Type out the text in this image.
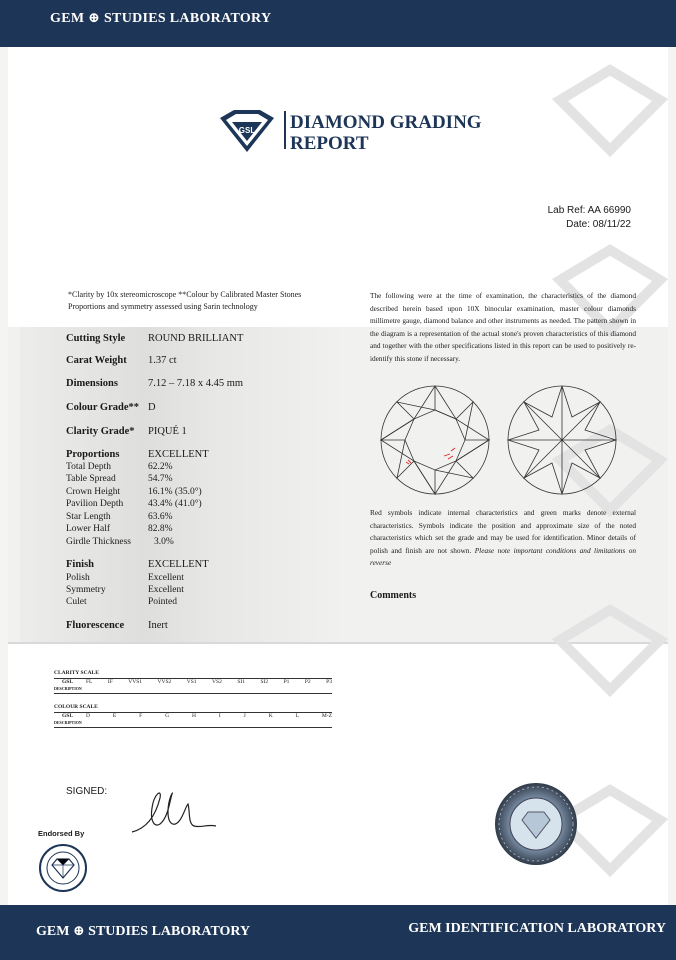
GEM ⊕ STUDIES LABORATORY
GSL DIAMOND GRADING
REPORT
Lab Ref: AA 66990
Date: 08/11/22
*Clarity by 10x stereomicroscope **Colour by Calibrated Master Stones
Proportions and symmetry assessed using Sarin technology
The following were at the time of examination, the characteristics of the diamond described herein based upon 10X binocular examination, master colour diamonds millimetre gauge, diamond balance and other instruments as needed. The pattern shown in the diagram is a representation of the actual stone's proven characteristics of this diamond and together with the other specifications listed in this report can be used to positively re-identify this stone if necessary.
Cutting Style ROUND BRILLIANT
Carat Weight 1.37 ct
Dimensions	7.12 – 7.18 x 4.45 mm
Colour Grade** D
Clarity Grade* PIQUÉ 1
Proportions	EXCELLENT
Total Depth	62.2%
Table Spread	54.7%
Crown Height	16.1% (35.0°)
Pavilion Depth	43.4% (41.0°)
Star Length	63.6%
Lower Half	82.8%
Girdle Thickness 3.0%
Finish	EXCELLENT
Polish	Excellent
Symmetry	Excellent
Culet	Pointed
Fluorescence Inert
Red symbols indicate internal characteristics and green marks denote external characteristics. Symbols indicate the position and approximate size of the noted characteristics which set the grade and may be used for identification. Minor details of polish and finish are not shown. Please note important conditions and limitations on reverse
Comments
CLARITY SCALE
GSL
DESCRIPTION
FL	IF	VVS1	VVS2	VS1	VS2	SI1	SI2	P1	P2	P3
COLOUR SCALE
GSL
DESCRIPTION
D	E	F	G	H	I	J	K	L	M-Z
SIGNED:
Endorsed By
GEM ⊕ STUDIES LABORATORY	GEM IDENTIFICATION LABORATORY
